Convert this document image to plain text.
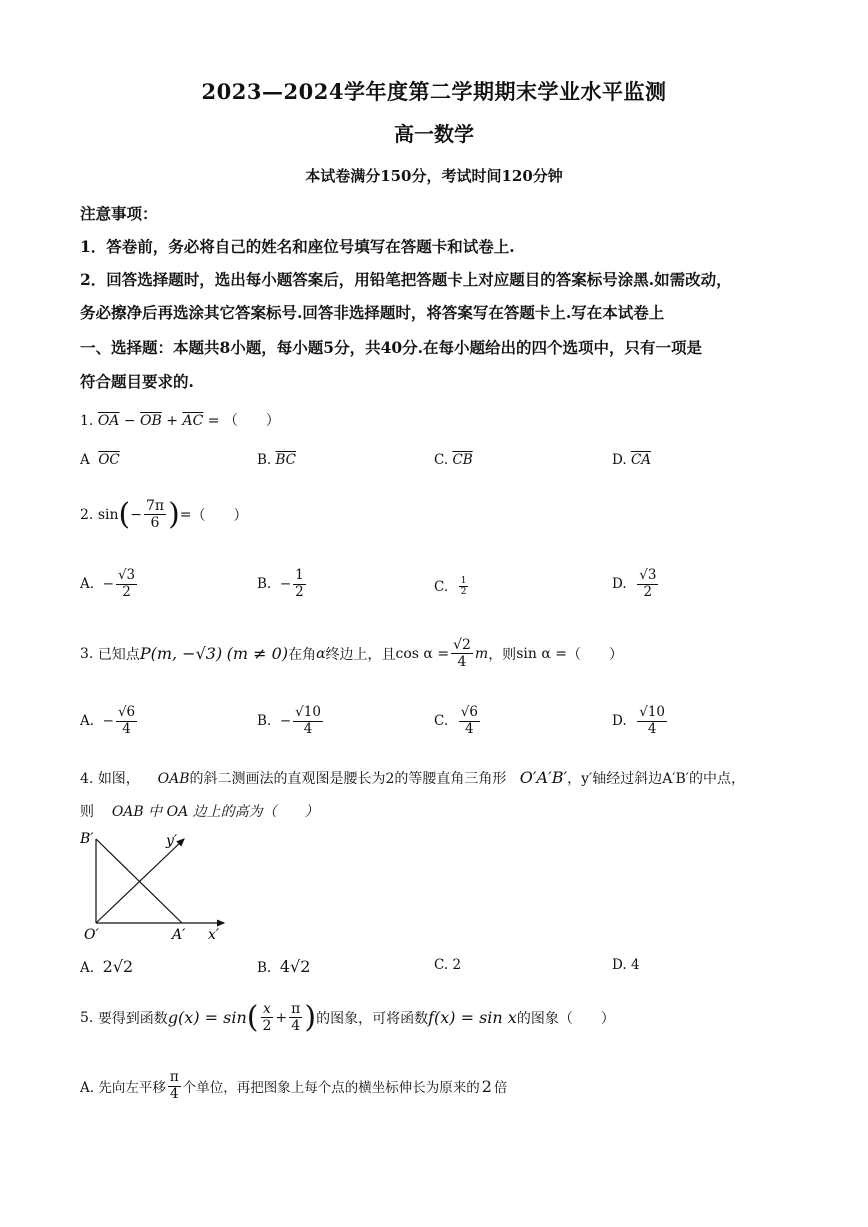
2023—2024学年度第二学期期末学业水平监测
高一数学
本试卷满分150分，考试时间120分钟
注意事项：
1．答卷前，务必将自己的姓名和座位号填写在答题卡和试卷上.
2．回答选择题时，选出每小题答案后，用铅笔把答题卡上对应题目的答案标号涂黑.如需改动，
务必擦净后再选涂其它答案标号.回答非选择题时，将答案写在答题卡上.写在本试卷上
一、选择题：本题共8小题，每小题5分，共40分.在每小题给出的四个选项中，只有一项是
符合题目要求的.
1. $\overline{OA} - \overline{OB} + \overline{AC}$ = （　　）
A $\overline{OC}$	B. $\overline{BC}$	C. $\overline{CB}$	D. $\overline{CA}$
2.
sin ( − $\frac{7\pi}{6}$ ) = （　　）
A.
− $\frac{√3}{2}$	B.
− $\frac{1}{2}$	C.
$\frac{1}{2}$	D.
$\frac{√3}{2}$
3.
已知点 P(m, −√3)
(m ≠ 0) 在角 α 终边上，且 $\cos \alpha = \frac{√2}{4}$ m ，则 sin α = （　　）
A.
− $\frac{√6}{4}$	B.
− $\frac{√10}{4}$	C.
$\frac{√6}{4}$	D.
$\frac{√10}{4}$
4. 如图， OAB的斜二测画法的直观图是腰长为2的等腰直角三角形 O′A′B′，y′轴经过斜边A′B′的中点，
则 OAB 中 OA 边上的高为（　　）
B′
O′	A′ x′
y′
A. 2√2	B. 4√2	C. 2	D. 4
5.
要得到函数 g(x) = sin ( $\frac{x}{2} + \frac{\pi}{4}$ ) 的图象，可将函数 f(x) = sin x 的图象（　　）
A. 先向左平移 $\frac{\pi}{4}$ 个单位，再把图象上每个点的横坐标伸长为原来的 2 倍
